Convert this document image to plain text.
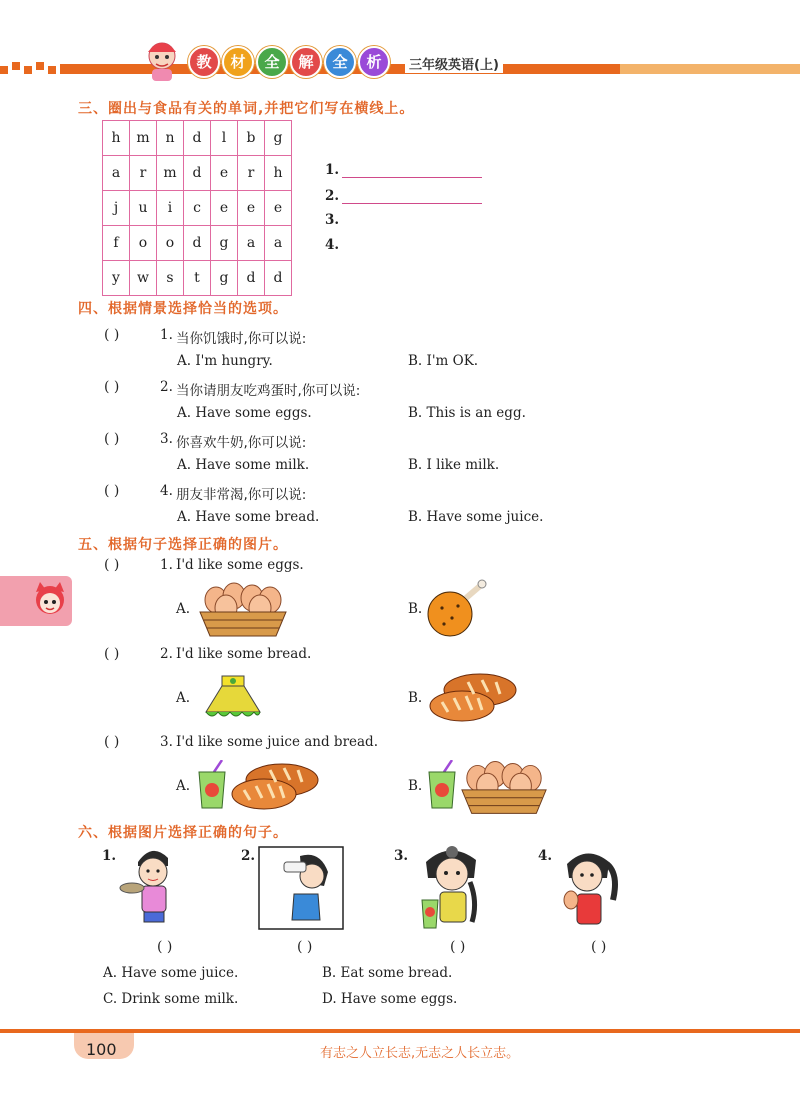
教	材	全	解	全	析	三年级英语(上)
三、圈出与食品有关的单词,并把它们写在横线上。
h	m	n	d	l	b	g
a	r	m	d	e	r	h
j	u	i	c	e	e	e
f	o	o	d	g	a	a
y	w	s	t	g	d	d
1.
2.
3.
4.
四、根据情景选择恰当的选项。
( )	1. 当你饥饿时,你可以说:
A. I'm hungry.	B. I'm OK.
( )	2. 当你请朋友吃鸡蛋时,你可以说:
A. Have some eggs.	B. This is an egg.
( )	3. 你喜欢牛奶,你可以说:
A. Have some milk.	B. I like milk.
( )	4. 朋友非常渴,你可以说:
A. Have some bread.	B. Have some juice.
五、根据句子选择正确的图片。
( )	1. I'd like some eggs.
A.	B.
( )	2. I'd like some bread.
A.	B.
( )	3. I'd like some juice and bread.
A.	B.
六、根据图片选择正确的句子。
1.	2.	3.	4.
( )	( )	( )	( )
A. Have some juice.	B. Eat some bread.
C. Drink some milk.	D. Have some eggs.
100	有志之人立长志,无志之人长立志。
